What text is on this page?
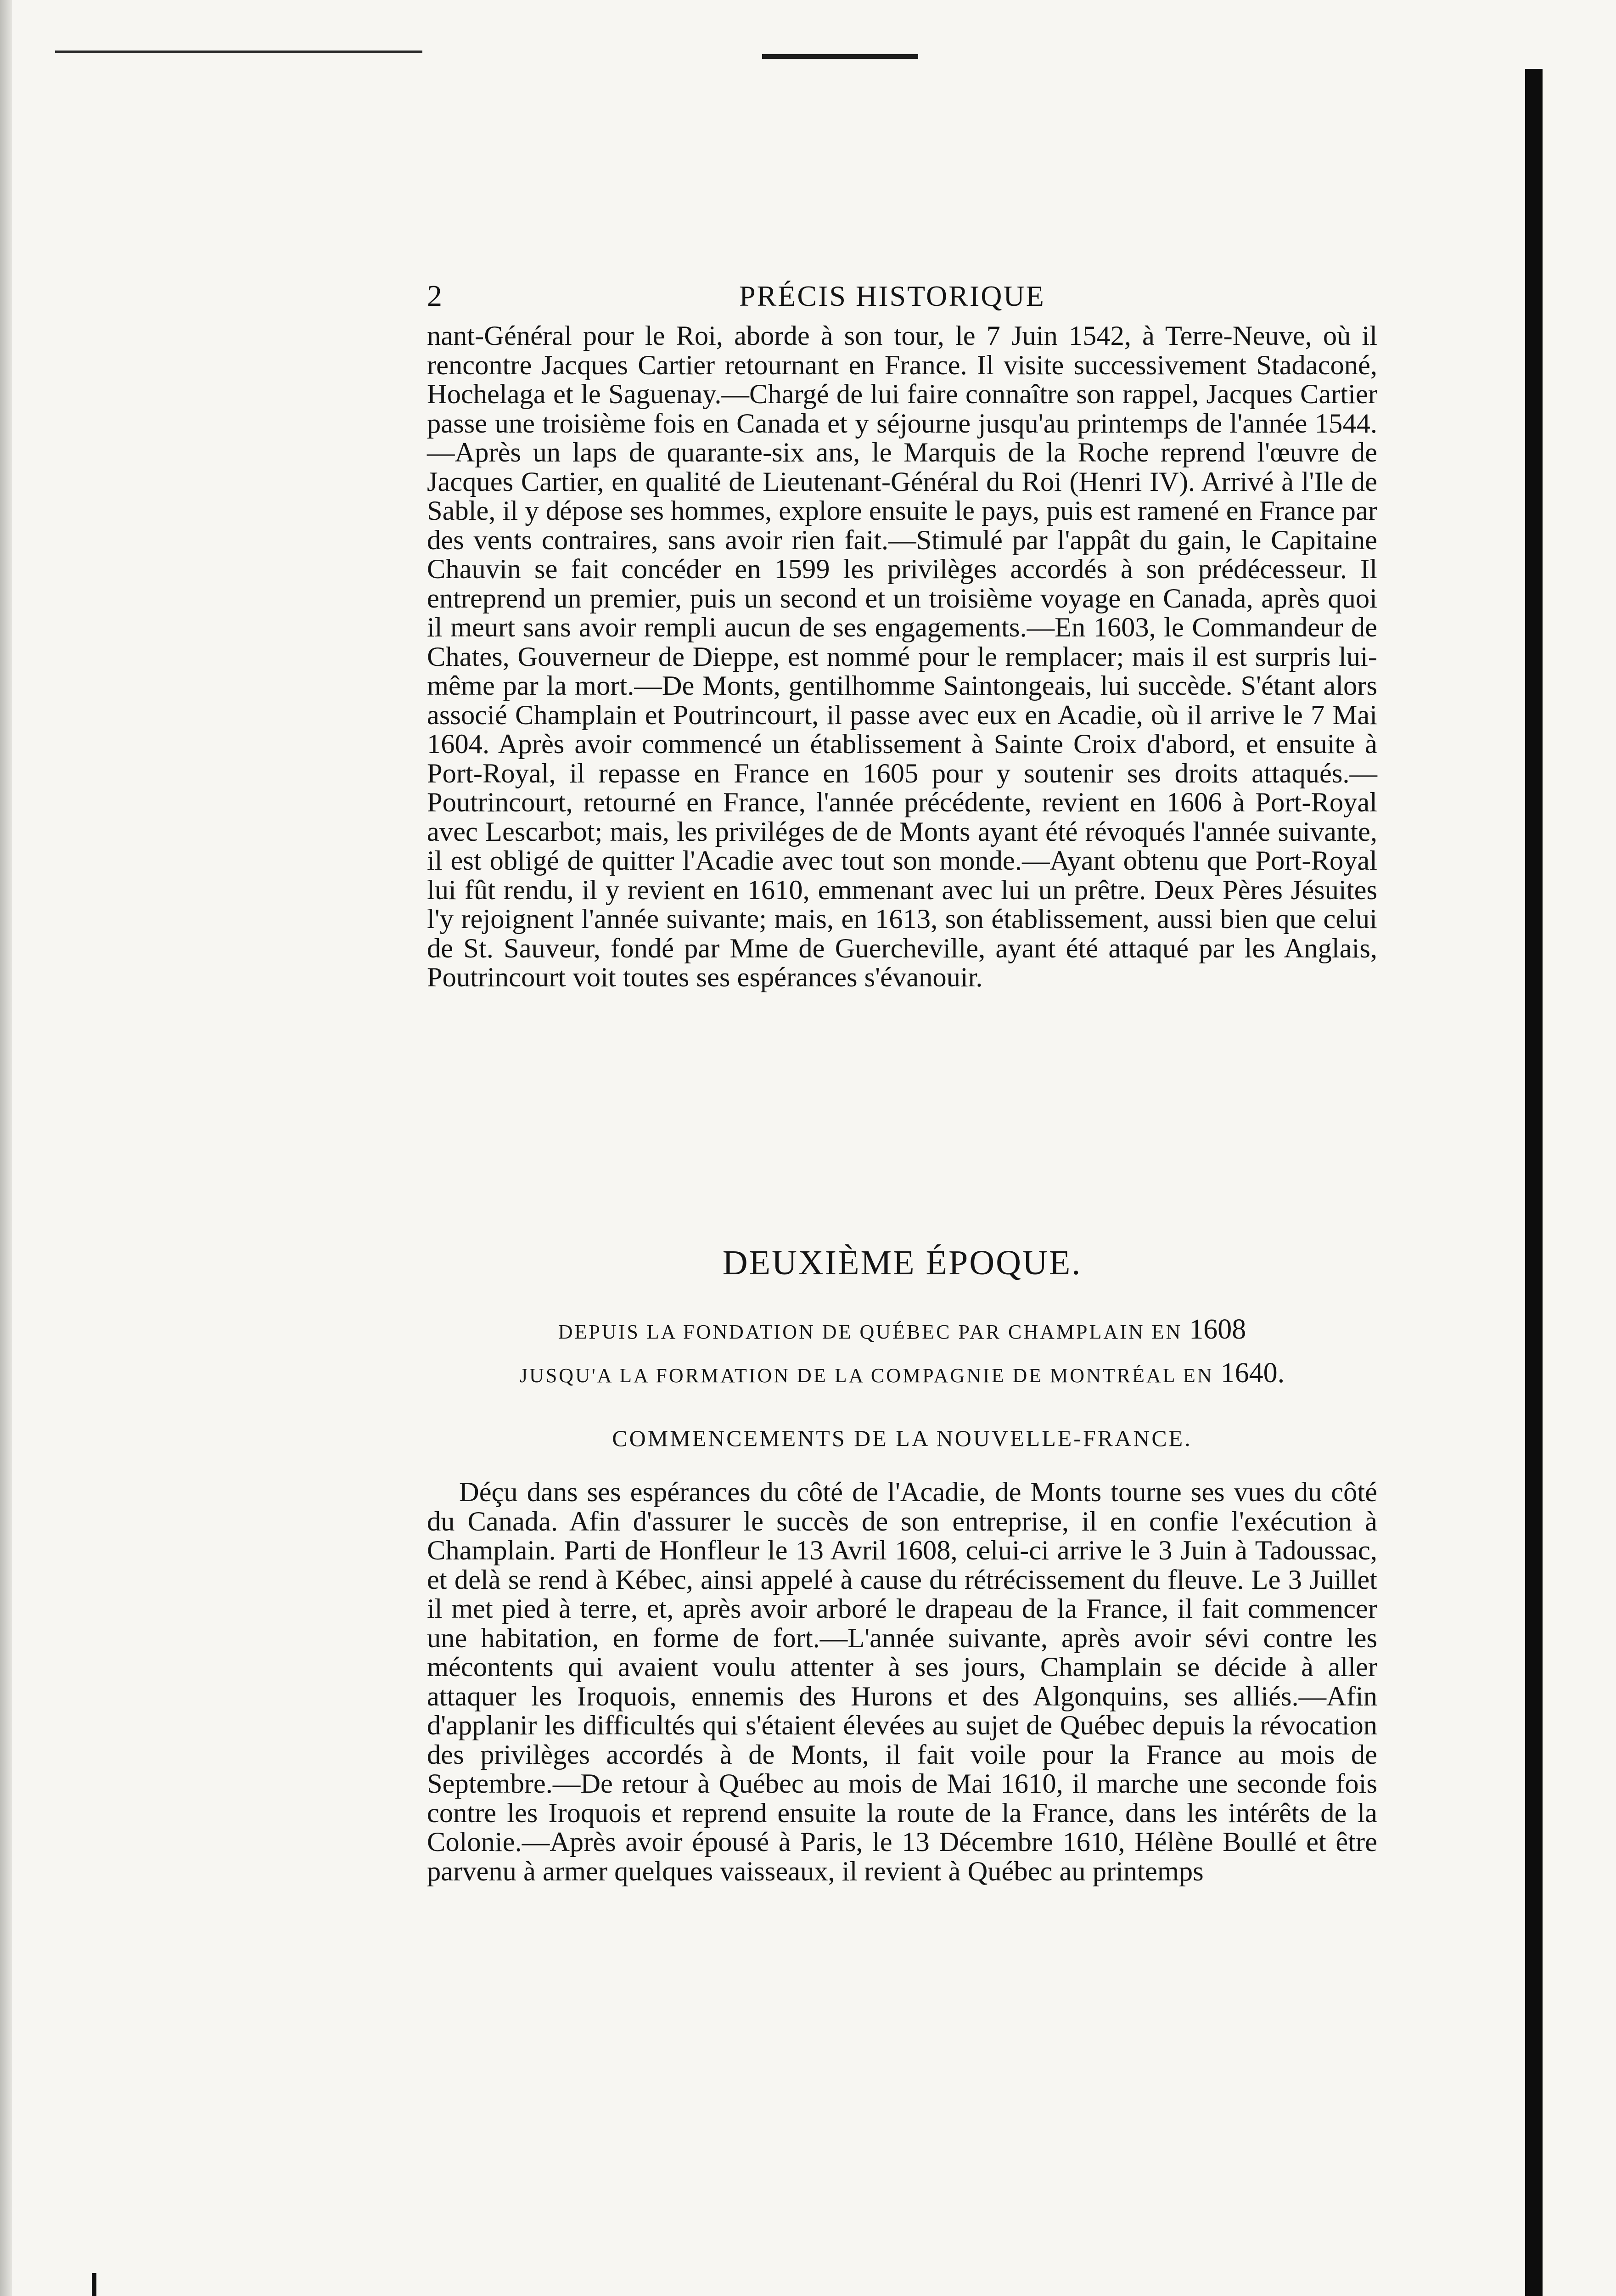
2	PRÉCIS HISTORIQUE

nant-Général pour le Roi, aborde à son tour, le 7 Juin 1542, à Terre-Neuve, où il rencontre Jacques Cartier retournant en France. Il visite successivement Stadaconé, Hochelaga et le Saguenay.—Chargé de lui faire connaître son rappel, Jacques Cartier passe une troisième fois en Canada et y séjourne jusqu'au printemps de l'année 1544.—Après un laps de quarante-six ans, le Marquis de la Roche reprend l'œuvre de Jacques Cartier, en qualité de Lieutenant-Général du Roi (Henri IV). Arrivé à l'Ile de Sable, il y dépose ses hommes, explore ensuite le pays, puis est ramené en France par des vents contraires, sans avoir rien fait.—Stimulé par l'appât du gain, le Capitaine Chauvin se fait concéder en 1599 les privilèges accordés à son prédécesseur. Il entreprend un premier, puis un second et un troisième voyage en Canada, après quoi il meurt sans avoir rempli aucun de ses engagements.—En 1603, le Commandeur de Chates, Gouverneur de Dieppe, est nommé pour le remplacer; mais il est surpris lui-même par la mort.—De Monts, gentilhomme Saintongeais, lui succède. S'étant alors associé Champlain et Poutrincourt, il passe avec eux en Acadie, où il arrive le 7 Mai 1604. Après avoir commencé un établissement à Sainte Croix d'abord, et ensuite à Port-Royal, il repasse en France en 1605 pour y soutenir ses droits attaqués.—Poutrincourt, retourné en France, l'année précédente, revient en 1606 à Port-Royal avec Lescarbot; mais, les priviléges de de Monts ayant été révoqués l'année suivante, il est obligé de quitter l'Acadie avec tout son monde.—Ayant obtenu que Port-Royal lui fût rendu, il y revient en 1610, emmenant avec lui un prêtre. Deux Pères Jésuites l'y rejoignent l'année suivante; mais, en 1613, son établissement, aussi bien que celui de St. Sauveur, fondé par Mme de Guercheville, ayant été attaqué par les Anglais, Poutrincourt voit toutes ses espérances s'évanouir.

DEUXIÈME ÉPOQUE.
DEPUIS LA FONDATION DE QUÉBEC PAR CHAMPLAIN EN 1608
JUSQU'A LA FORMATION DE LA COMPAGNIE DE MONTRÉAL EN 1640.
COMMENCEMENTS DE LA NOUVELLE-FRANCE.

Déçu dans ses espérances du côté de l'Acadie, de Monts tourne ses vues du côté du Canada. Afin d'assurer le succès de son entreprise, il en confie l'exécution à Champlain. Parti de Honfleur le 13 Avril 1608, celui-ci arrive le 3 Juin à Tadoussac, et delà se rend à Kébec, ainsi appelé à cause du rétrécissement du fleuve. Le 3 Juillet il met pied à terre, et, après avoir arboré le drapeau de la France, il fait commencer une habitation, en forme de fort.—L'année suivante, après avoir sévi contre les mécontents qui avaient voulu attenter à ses jours, Champlain se décide à aller attaquer les Iroquois, ennemis des Hurons et des Algonquins, ses alliés.—Afin d'applanir les difficultés qui s'étaient élevées au sujet de Québec depuis la révocation des privilèges accordés à de Monts, il fait voile pour la France au mois de Septembre.—De retour à Québec au mois de Mai 1610, il marche une seconde fois contre les Iroquois et reprend ensuite la route de la France, dans les intérêts de la Colonie.—Après avoir épousé à Paris, le 13 Décembre 1610, Hélène Boullé et être parvenu à armer quelques vaisseaux, il revient à Québec au printemps
